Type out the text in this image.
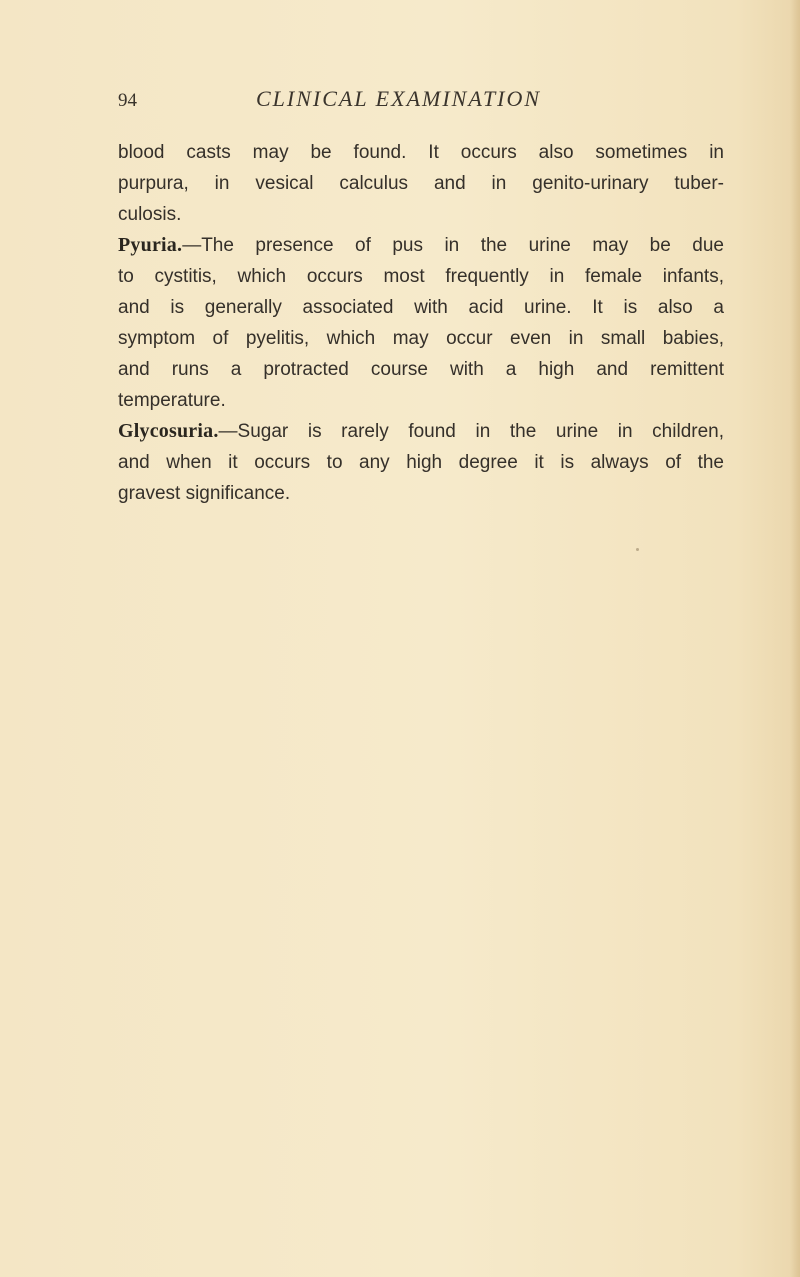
94	CLINICAL EXAMINATION
blood casts may be found. It occurs also sometimes in
purpura, in vesical calculus and in genito-urinary tuber-
culosis.
Pyuria.—The presence of pus in the urine may be due
to cystitis, which occurs most frequently in female infants,
and is generally associated with acid urine. It is also a
symptom of pyelitis, which may occur even in small babies,
and runs a protracted course with a high and remittent
temperature.
Glycosuria.—Sugar is rarely found in the urine in children,
and when it occurs to any high degree it is always of the
gravest significance.
